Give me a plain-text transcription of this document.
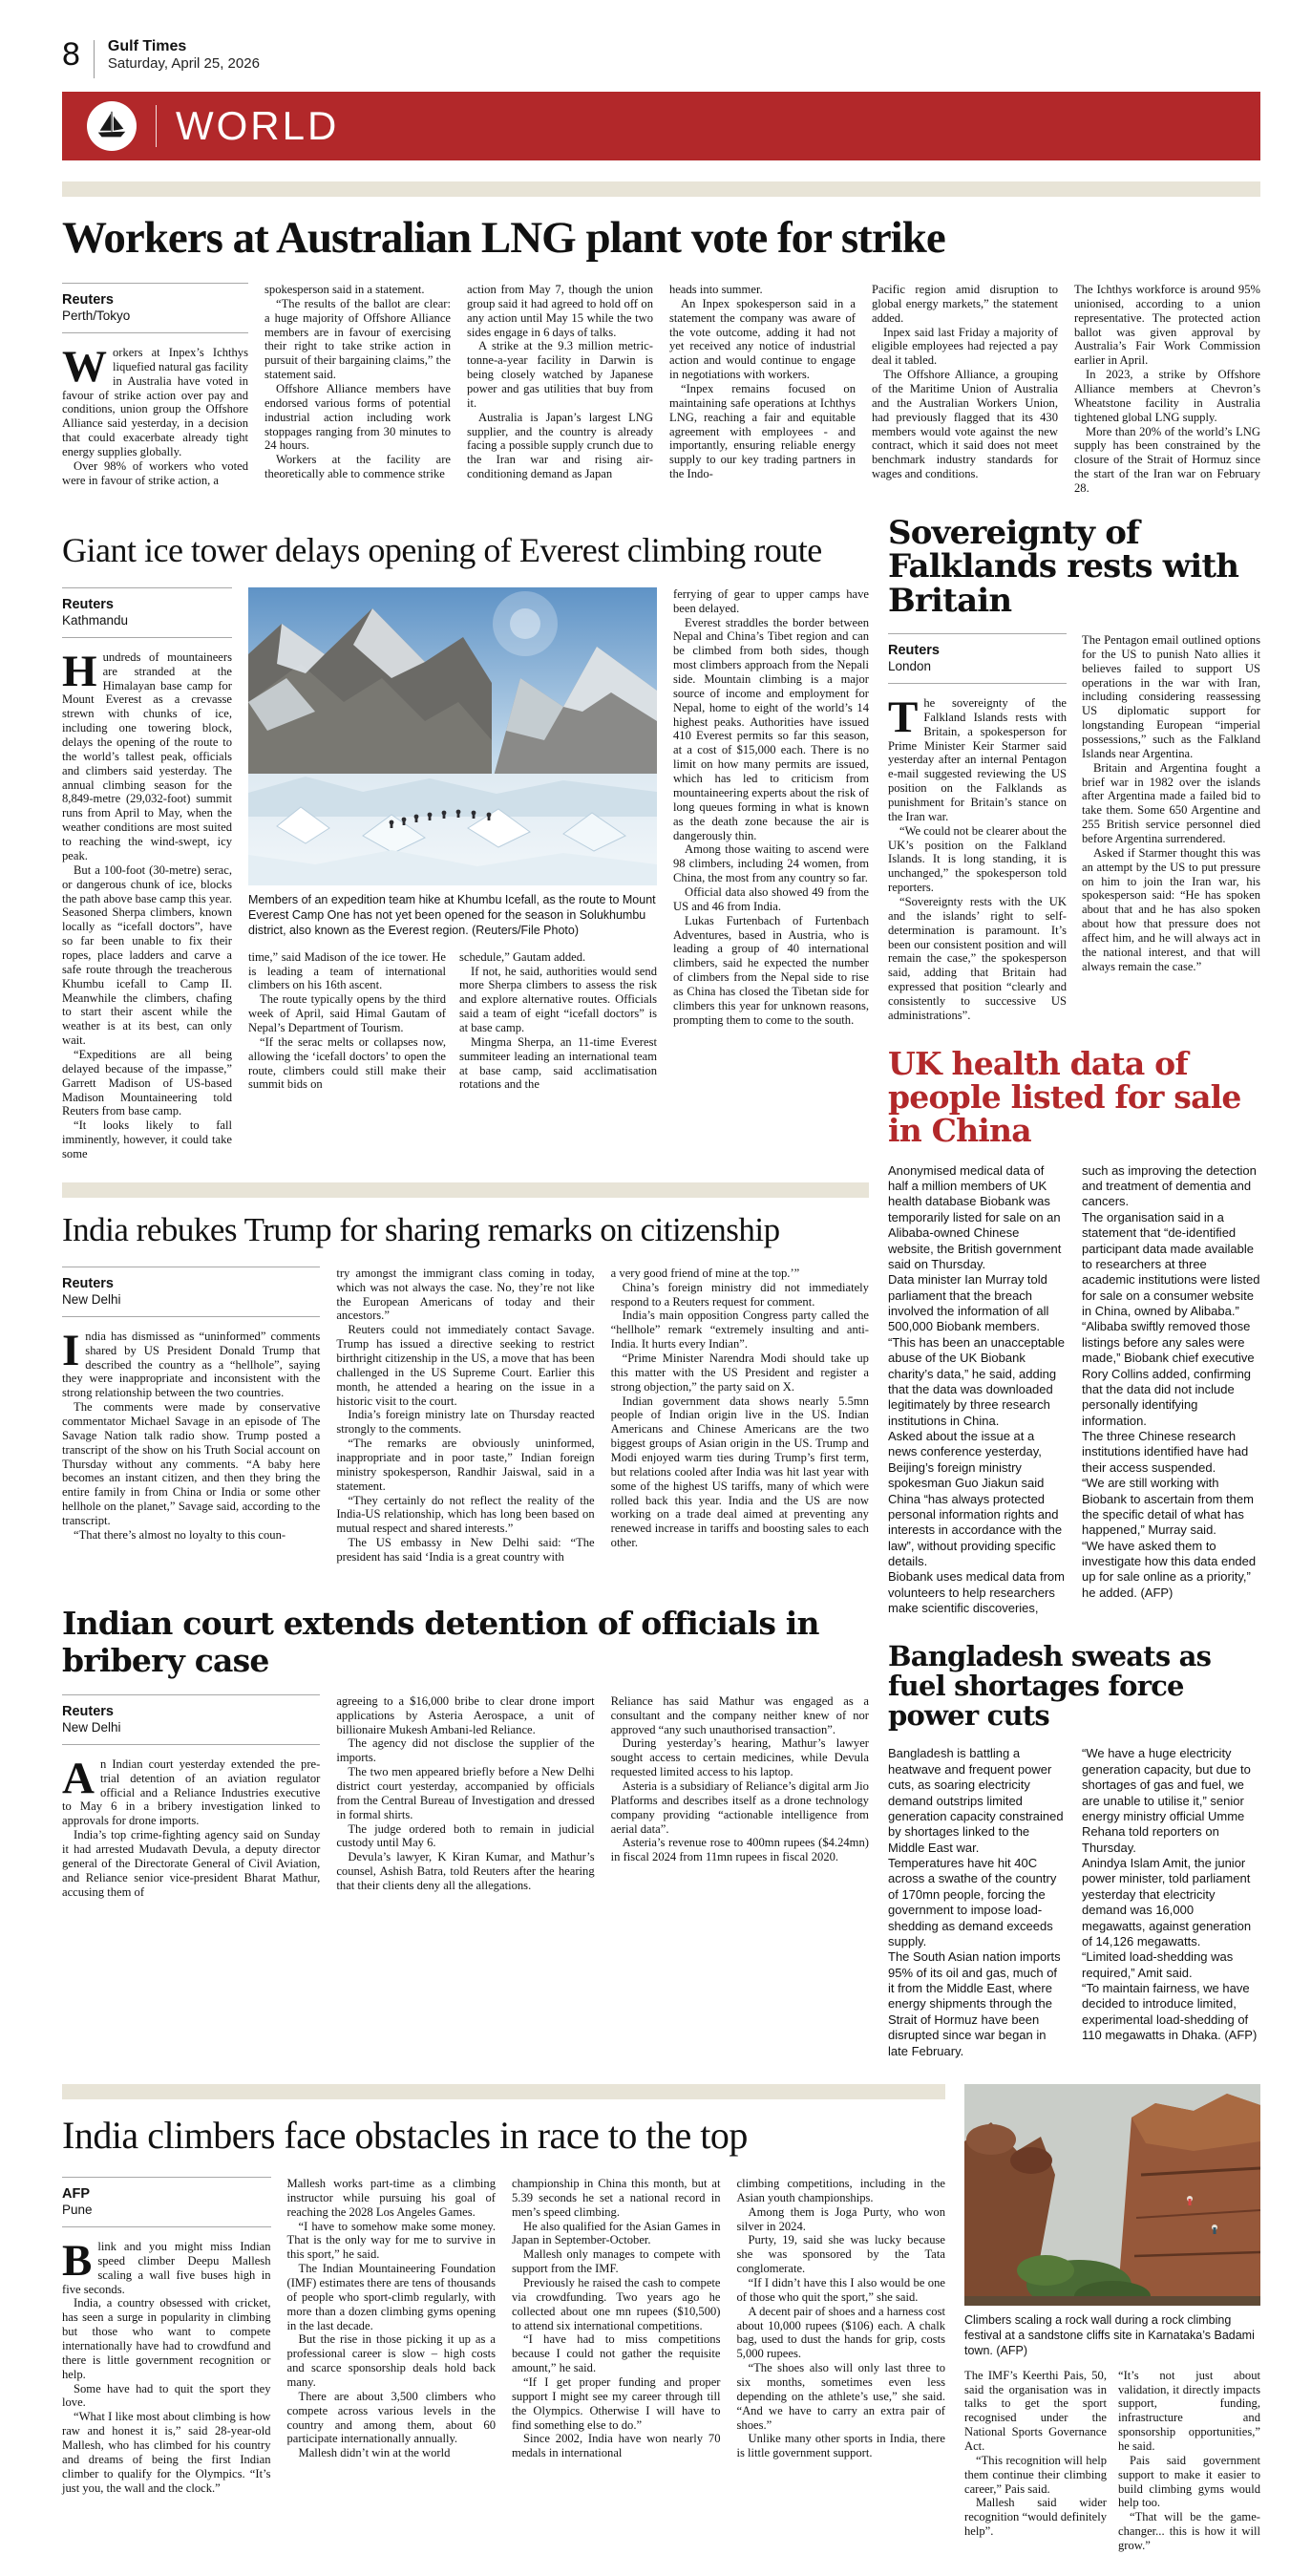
8 Gulf Times
Saturday, April 25, 2026
WORLD
Workers at Australian LNG plant vote for strike
Reuters
Perth/Tokyo

Workers at Inpex’s Ichthys liquefied natural gas facility in Australia have voted in favour of strike action over pay and conditions, union group the Offshore Alliance said yesterday, in a decision that could exacerbate already tight energy supplies globally.

Over 98% of workers who voted were in favour of strike action, a

spokesperson said in a statement.

“The results of the ballot are clear: a huge majority of Offshore Alliance members are in favour of exercising their right to take strike action in pursuit of their bargaining claims,” the statement said.

Offshore Alliance members have endorsed various forms of potential industrial action including work stoppages ranging from 30 minutes to 24 hours.

Workers at the facility are theoretically able to commence strike

action from May 7, though the union group said it had agreed to hold off on any action until May 15 while the two sides engage in 6 days of talks.

A strike at the 9.3 million metric-tonne-a-year facility in Darwin is being closely watched by Japanese power and gas utilities that buy from it.

Australia is Japan’s largest LNG supplier, and the country is already facing a possible supply crunch due to the Iran war and rising air-conditioning demand as Japan

heads into summer.

An Inpex spokesperson said in a statement the company was aware of the vote outcome, adding it had not yet received any notice of industrial action and would continue to engage in negotiations with workers.

“Inpex remains focused on maintaining safe operations at Ichthys LNG, reaching a fair and equitable agreement with employees - and importantly, ensuring reliable energy supply to our key trading partners in the Indo-

Pacific region amid disruption to global energy markets,” the statement added.

Inpex said last Friday a majority of eligible employees had rejected a pay deal it tabled.

The Offshore Alliance, a grouping of the Maritime Union of Australia and the Australian Workers Union, had previously flagged that its 430 members would vote against the new contract, which it said does not meet benchmark industry standards for wages and conditions.

The Ichthys workforce is around 95% unionised, according to a union representative. The protected action ballot was given approval by Australia’s Fair Work Commission earlier in April.

In 2023, a strike by Offshore Alliance members at Chevron’s Wheatstone facility in Australia tightened global LNG supply.

More than 20% of the world’s LNG supply has been constrained by the closure of the Strait of Hormuz since the start of the Iran war on February 28.

Giant ice tower delays opening of Everest climbing route
Reuters
Kathmandu

Hundreds of mountaineers are stranded at the Himalayan base camp for Mount Everest as a crevasse strewn with chunks of ice, including one towering block, delays the opening of the route to the world’s tallest peak, officials and climbers said yesterday. The annual climbing season for the 8,849-metre (29,032-foot) summit runs from April to May, when the weather conditions are most suited to reaching the wind-swept, icy peak.

But a 100-foot (30-metre) serac, or dangerous chunk of ice, blocks the path above base camp this year. Seasoned Sherpa climbers, known locally as “icefall doctors”, have so far been unable to fix their ropes, place ladders and carve a safe route through the treacherous Khumbu icefall to Camp II. Meanwhile the climbers, chafing to start their ascent while the weather is at its best, can only wait.

“Expeditions are all being delayed because of the impasse,” Garrett Madison of US-based Madison Mountaineering told Reuters from base camp.

“It looks likely to fall imminently, however, it could take some

Members of an expedition team hike at Khumbu Icefall, as the route to Mount Everest Camp One has not yet been opened for the season in Solukhumbu district, also known as the Everest region. (Reuters/File Photo)

time,” said Madison of the ice tower. He is leading a team of international climbers on his 16th ascent.

The route typically opens by the third week of April, said Himal Gautam of Nepal’s Department of Tourism.

“If the serac melts or collapses now, allowing the ‘icefall doctors’ to open the route, climbers could still make their summit bids on

schedule,” Gautam added.

If not, he said, authorities would send more Sherpa climbers to assess the risk and explore alternative routes. Officials said a team of eight “icefall doctors” is at base camp.

Mingma Sherpa, an 11-time Everest summiteer leading an international team at base camp, said acclimatisation rotations and the

ferrying of gear to upper camps have been delayed.

Everest straddles the border between Nepal and China’s Tibet region and can be climbed from both sides, though most climbers approach from the Nepali side. Mountain climbing is a major source of income and employment for Nepal, home to eight of the world’s 14 highest peaks. Authorities have issued 410 Everest permits so far this season, at a cost of $15,000 each. There is no limit on how many permits are issued, which has led to criticism from mountaineering experts about the risk of long queues forming in what is known as the death zone because the air is dangerously thin.

Among those waiting to ascend were 98 climbers, including 24 women, from China, the most from any country so far.

Official data also showed 49 from the US and 46 from India.

Lukas Furtenbach of Furtenbach Adventures, based in Austria, who is leading a group of 40 international climbers, said he expected the number of climbers from the Nepal side to rise as China has closed the Tibetan side for climbers this year for unknown reasons, prompting them to come to the south.

India rebukes Trump for sharing remarks on citizenship
Reuters
New Delhi

India has dismissed as “uninformed” comments shared by US President Donald Trump that described the country as a “hellhole”, saying they were inappropriate and inconsistent with the strong relationship between the two countries.

The comments were made by conservative commentator Michael Savage in an episode of The Savage Nation talk radio show. Trump posted a transcript of the show on his Truth Social account on Thursday without any comments. “A baby here becomes an instant citizen, and then they bring the entire family in from China or India or some other hellhole on the planet,” Savage said, according to the transcript.

“That there’s almost no loyalty to this coun-

try amongst the immigrant class coming in today, which was not always the case. No, they’re not like the European Americans of today and their ancestors.”

Reuters could not immediately contact Savage. Trump has issued a directive seeking to restrict birthright citizenship in the US, a move that has been challenged in the US Supreme Court. Earlier this month, he attended a hearing on the issue in a historic visit to the court.

India’s foreign ministry late on Thursday reacted strongly to the comments.

“The remarks are obviously uninformed, inappropriate and in poor taste,” Indian foreign ministry spokesperson, Randhir Jaiswal, said in a statement.

“They certainly do not reflect the reality of the India-US relationship, which has long been based on mutual respect and shared interests.”

The US embassy in New Delhi said: “The president has said ‘India is a great country with

a very good friend of mine at the top.’”

China’s foreign ministry did not immediately respond to a Reuters request for comment.

India’s main opposition Congress party called the “hellhole” remark “extremely insulting and anti-India. It hurts every Indian”.

“Prime Minister Narendra Modi should take up this matter with the US President and register a strong objection,” the party said on X.

Indian government data shows nearly 5.5mn people of Indian origin live in the US. Indian Americans and Chinese Americans are the two biggest groups of Asian origin in the US. Trump and Modi enjoyed warm ties during Trump’s first term, but relations cooled after India was hit last year with some of the highest US tariffs, many of which were rolled back this year. India and the US are now working on a trade deal aimed at preventing any renewed increase in tariffs and boosting sales to each other.

Indian court extends detention of officials in bribery case
Reuters
New Delhi

An Indian court yesterday extended the pre-trial detention of an aviation regulator official and a Reliance Industries executive to May 6 in a bribery investigation linked to approvals for drone imports.

India’s top crime-fighting agency said on Sunday it had arrested Mudavath Devula, a deputy director general of the Directorate General of Civil Aviation, and Reliance senior vice-president Bharat Mathur, accusing them of

agreeing to a $16,000 bribe to clear drone import applications by Asteria Aerospace, a unit of billionaire Mukesh Ambani-led Reliance.

The agency did not disclose the supplier of the imports.

The two men appeared briefly before a New Delhi district court yesterday, accompanied by officials from the Central Bureau of Investigation and dressed in formal shirts.

The judge ordered both to remain in judicial custody until May 6.

Devula’s lawyer, K Kiran Kumar, and Mathur’s counsel, Ashish Batra, told Reuters after the hearing that their clients deny all the allegations.

Reliance has said Mathur was engaged as a consultant and the company neither knew of nor approved “any such unauthorised transaction”.

During yesterday’s hearing, Mathur’s lawyer sought access to certain medicines, while Devula requested limited access to his laptop.

Asteria is a subsidiary of Reliance’s digital arm Jio Platforms and describes itself as a drone technology company providing “actionable intelligence from aerial data”.

Asteria’s revenue rose to 400mn rupees ($4.24mn) in fiscal 2024 from 11mn rupees in fiscal 2020.

Sovereignty of Falklands rests with Britain
Reuters
London

The sovereignty of the Falkland Islands rests with Britain, a spokesperson for Prime Minister Keir Starmer said yesterday after an internal Pentagon e-mail suggested reviewing the US position on the Falklands as punishment for Britain’s stance on the Iran war.

“We could not be clearer about the UK’s position on the Falkland Islands. It is long standing, it is unchanged,” the spokesperson told reporters.

“Sovereignty rests with the UK and the islands’ right to self-determination is paramount. It’s been our consistent position and will remain the case,” the spokesperson said, adding that Britain had expressed that position “clearly and consistently to successive US administrations”.

The Pentagon email outlined options for the US to punish Nato allies it believes failed to support US operations in the war with Iran, including considering reassessing US diplomatic support for longstanding European “imperial possessions,” such as the Falkland Islands near Argentina.

Britain and Argentina fought a brief war in 1982 over the islands after Argentina made a failed bid to take them. Some 650 Argentine and 255 British service personnel died before Argentina surrendered.

Asked if Starmer thought this was an attempt by the US to put pressure on him to join the Iran war, his spokesperson said: “He has spoken about that and he has also spoken about how that pressure does not affect him, and he will always act in the national interest, and that will always remain the case.”

UK health data of people listed for sale in China

Anonymised medical data of half a million members of UK health database Biobank was temporarily listed for sale on an Alibaba-owned Chinese website, the British government said on Thursday.

Data minister Ian Murray told parliament that the breach involved the information of all 500,000 Biobank members.

“This has been an unacceptable abuse of the UK Biobank charity’s data,” he said, adding that the data was downloaded legitimately by three research institutions in China.

Asked about the issue at a news conference yesterday, Beijing’s foreign ministry spokesman Guo Jiakun said China “has always protected personal information rights and interests in accordance with the law”, without providing specific details.

Biobank uses medical data from volunteers to help researchers make scientific discoveries,

such as improving the detection and treatment of dementia and cancers.

The organisation said in a statement that “de-identified participant data made available to researchers at three academic institutions were listed for sale on a consumer website in China, owned by Alibaba.”

“Alibaba swiftly removed those listings before any sales were made,” Biobank chief executive Rory Collins added, confirming that the data did not include personally identifying information.

The three Chinese research institutions identified have had their access suspended.

“We are still working with Biobank to ascertain from them the specific detail of what has happened,” Murray said.

“We have asked them to investigate how this data ended up for sale online as a priority,” he added. (AFP)

Bangladesh sweats as fuel shortages force power cuts

Bangladesh is battling a heatwave and frequent power cuts, as soaring electricity demand outstrips limited generation capacity constrained by shortages linked to the Middle East war.

Temperatures have hit 40C across a swathe of the country of 170mn people, forcing the government to impose load-shedding as demand exceeds supply.

The South Asian nation imports 95% of its oil and gas, much of it from the Middle East, where energy shipments through the Strait of Hormuz have been disrupted since war began in late February.

“We have a huge electricity generation capacity, but due to shortages of gas and fuel, we are unable to utilise it,” senior energy ministry official Umme Rehana told reporters on Thursday.

Anindya Islam Amit, the junior power minister, told parliament yesterday that electricity demand was 16,000 megawatts, against generation of 14,126 megawatts.

“Limited load-shedding was required,” Amit said.

“To maintain fairness, we have decided to introduce limited, experimental load-shedding of 110 megawatts in Dhaka. (AFP)

India climbers face obstacles in race to the top
AFP
Pune

Blink and you might miss Indian speed climber Deepu Mallesh scaling a wall five buses high in five seconds.

India, a country obsessed with cricket, has seen a surge in popularity in climbing but those who want to compete internationally have had to crowdfund and there is little government recognition or help.

Some have had to quit the sport they love.

“What I like most about climbing is how raw and honest it is,” said 28-year-old Mallesh, who has climbed for his country and dreams of being the first Indian climber to qualify for the Olympics. “It’s just you, the wall and the clock.”

Mallesh works part-time as a climbing instructor while pursuing his goal of reaching the 2028 Los Angeles Games.

“I have to somehow make some money. That is the only way for me to survive in this sport,” he said.

The Indian Mountaineering Foundation (IMF) estimates there are tens of thousands of people who sport-climb regularly, with more than a dozen climbing gyms opening in the last decade.

But the rise in those picking it up as a professional career is slow – high costs and scarce sponsorship deals hold back many.

There are about 3,500 climbers who compete across various levels in the country and among them, about 60 participate internationally annually.

Mallesh didn’t win at the world

championship in China this month, but at 5.39 seconds he set a national record in men’s speed climbing.

He also qualified for the Asian Games in Japan in September-October.

Mallesh only manages to compete with support from the IMF.

Previously he raised the cash to compete via crowdfunding. Two years ago he collected about one mn rupees ($10,500) to attend six international competitions.

“I have had to miss competitions because I could not gather the requisite amount,” he said.

“If I get proper funding and proper support I might see my career through till the Olympics. Otherwise I will have to find something else to do.”

Since 2002, India have won nearly 70 medals in international

climbing competitions, including in the Asian youth championships.

Among them is Joga Purty, who won silver in 2024.

Purty, 19, said she was lucky because she was sponsored by the Tata conglomerate.

“If I didn’t have this I also would be one of those who quit the sport,” she said.

A decent pair of shoes and a harness cost about 10,000 rupees ($106) each. A chalk bag, used to dust the hands for grip, costs 5,000 rupees.

“The shoes also will only last three to six months, sometimes even less depending on the athlete’s use,” she said. “And we have to carry an extra pair of shoes.”

Unlike many other sports in India, there is little government support.

Climbers scaling a rock wall during a rock climbing festival at a sandstone cliffs site in Karnataka’s Badami town. (AFP)

The IMF’s Keerthi Pais, 50, said the organisation was in talks to get the sport recognised under the National Sports Governance Act.

“This recognition will help them continue their climbing career,” Pais said.

Mallesh said wider recognition “would definitely help”.

“It’s not just about validation, it directly impacts support, funding, infrastructure and sponsorship opportunities,” he said.

Pais said government support to make it easier to build climbing gyms would help too.

“That will be the game-changer... this is how it will grow.”
